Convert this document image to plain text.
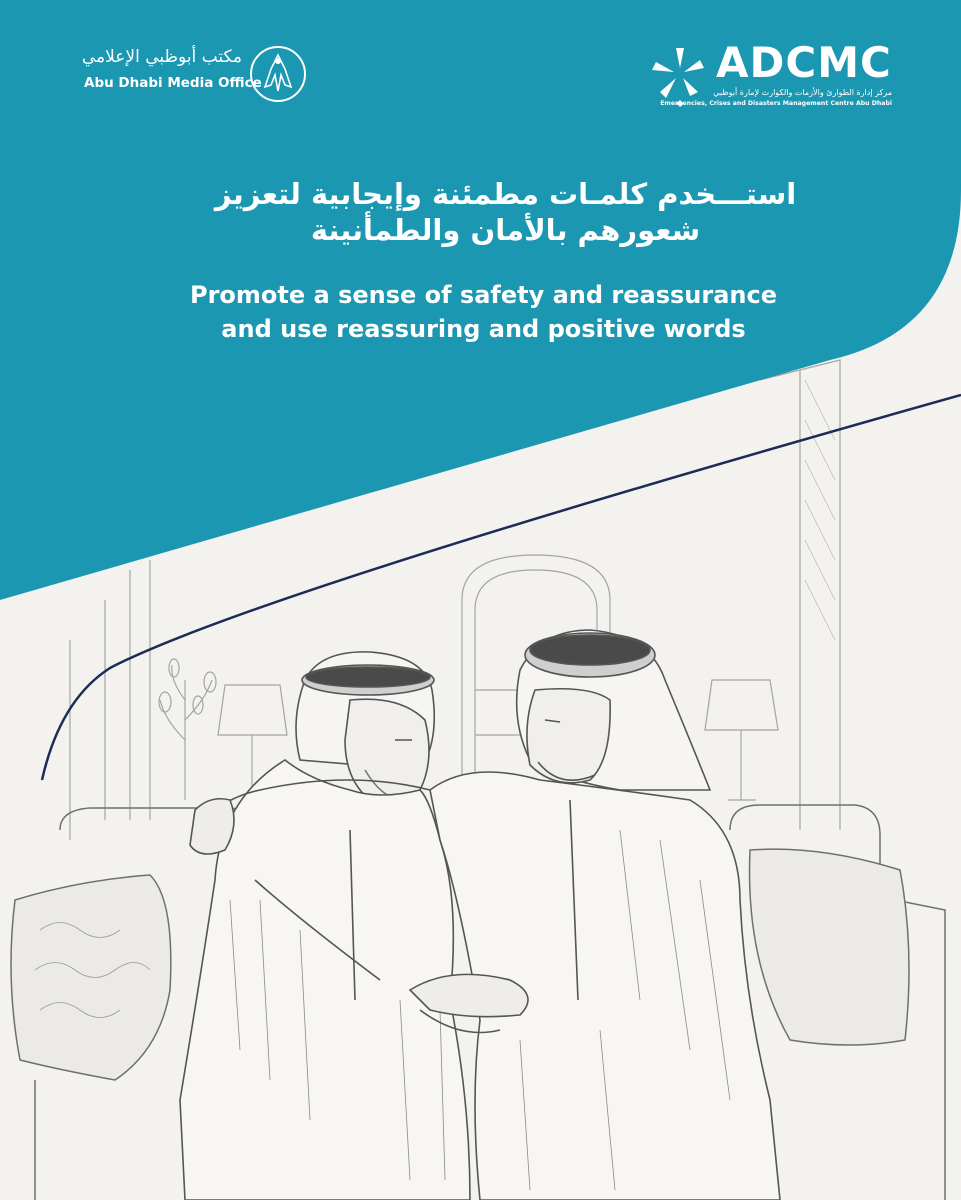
مكتب أبوظبي الإعلامي
Abu Dhabi Media Office	ADCMC
مركز إدارة الطوارئ والأزمات والكوارث لإمارة أبوظبي
Emergencies, Crises and Disasters Management Centre Abu Dhabi
استـــخدم كلمـات مطمئنة وإيجابية لتعزيز
شعورهم بالأمان والطمأنينة
Promote a sense of safety and reassurance
and use reassuring and positive words
